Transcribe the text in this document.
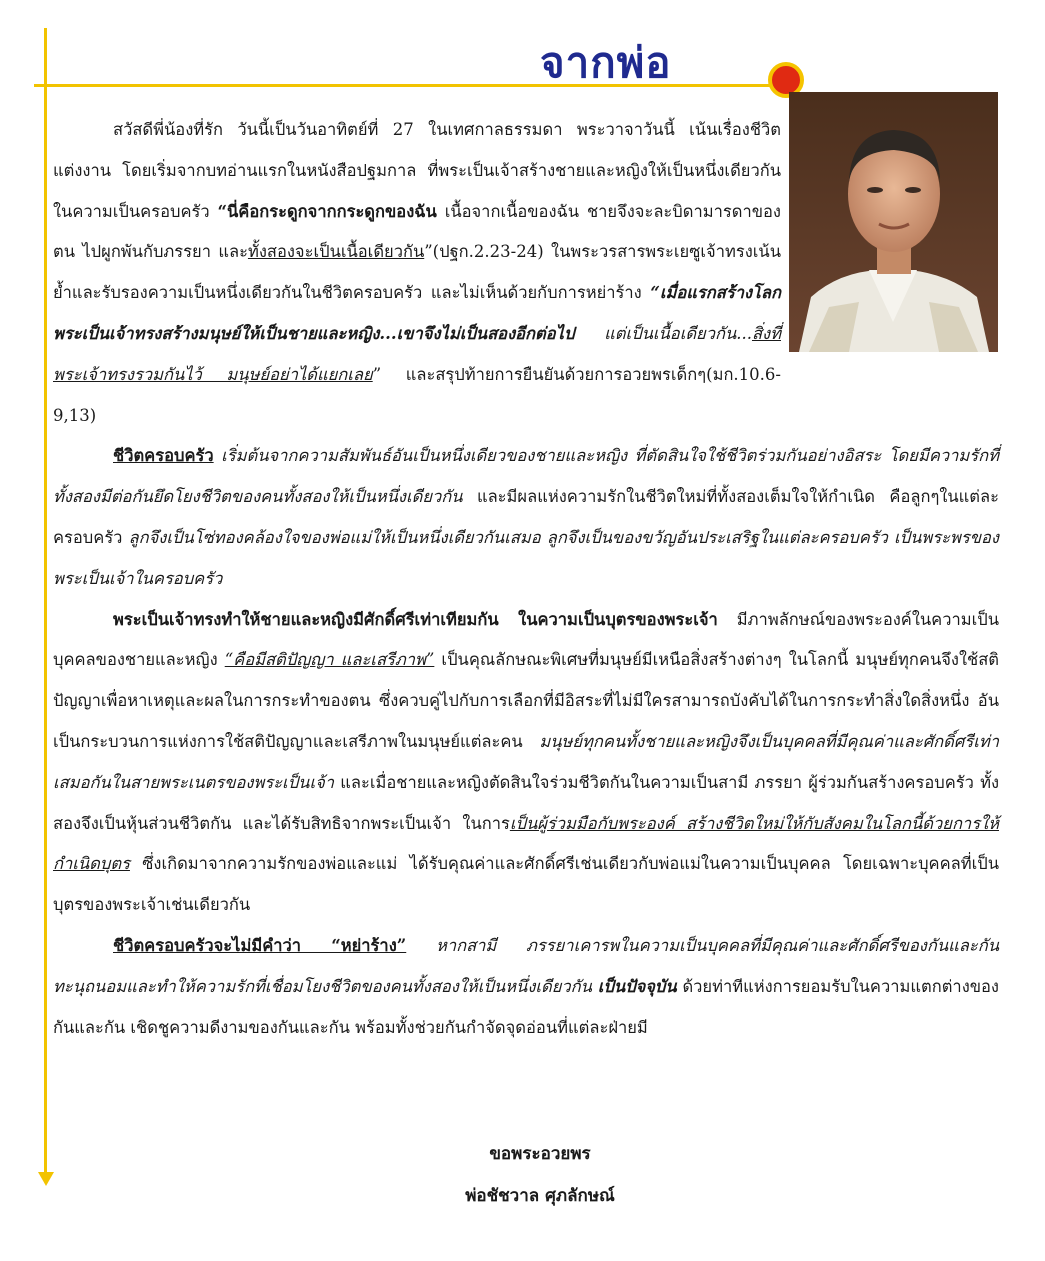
จากพ่อ

สวัสดีพี่น้องที่รัก วันนี้เป็นวันอาทิตย์ที่ 27 ในเทศกาลธรรมดา พระวาจาวันนี้ เน้นเรื่องชีวิตแต่งงาน โดยเริ่มจากบทอ่านแรกในหนังสือปฐมกาล ที่พระเป็นเจ้าสร้างชายและหญิงให้เป็นหนึ่งเดียวกันในความเป็นครอบครัว “นี่คือกระดูกจากกระดูกของฉัน เนื้อจากเนื้อของฉัน ชายจึงจะละบิดามารดาของตน ไปผูกพันกับภรรยา และทั้งสองจะเป็นเนื้อเดียวกัน”(ปฐก.2.23-24) ในพระวรสารพระเยซูเจ้าทรงเน้นย้ำและรับรองความเป็นหนึ่งเดียวกันในชีวิตครอบครัว และไม่เห็นด้วยกับการหย่าร้าง “เมื่อแรกสร้างโลก พระเป็นเจ้าทรงสร้างมนุษย์ให้เป็นชายและหญิง...เขาจึงไม่เป็นสองอีกต่อไป แต่เป็นเนื้อเดียวกัน...สิ่งที่พระเจ้าทรงรวมกันไว้ มนุษย์อย่าได้แยกเลย” และสรุปท้ายการยืนยันด้วยการอวยพรเด็กๆ(มก.10.6-9,13)

ชีวิตครอบครัว เริ่มต้นจากความสัมพันธ์อันเป็นหนึ่งเดียวของชายและหญิง ที่ตัดสินใจใช้ชีวิตร่วมกันอย่างอิสระ โดยมีความรักที่ทั้งสองมีต่อกันยึดโยงชีวิตของคนทั้งสองให้เป็นหนึ่งเดียวกัน และมีผลแห่งความรักในชีวิตใหม่ที่ทั้งสองเต็มใจให้กำเนิด คือลูกๆในแต่ละครอบครัว ลูกจึงเป็นโซ่ทองคล้องใจของพ่อแม่ให้เป็นหนึ่งเดียวกันเสมอ ลูกจึงเป็นของขวัญอันประเสริฐในแต่ละครอบครัว เป็นพระพรของพระเป็นเจ้าในครอบครัว

พระเป็นเจ้าทรงทำให้ชายและหญิงมีศักดิ์ศรีเท่าเทียมกัน ในความเป็นบุตรของพระเจ้า มีภาพลักษณ์ของพระองค์ในความเป็นบุคคลของชายและหญิง “คือมีสติปัญญา และเสรีภาพ” เป็นคุณลักษณะพิเศษที่มนุษย์มีเหนือสิ่งสร้างต่างๆ ในโลกนี้ มนุษย์ทุกคนจึงใช้สติปัญญาเพื่อหาเหตุและผลในการกระทำของตน ซึ่งควบคู่ไปกับการเลือกที่มีอิสระที่ไม่มีใครสามารถบังคับได้ในการกระทำสิ่งใดสิ่งหนึ่ง อันเป็นกระบวนการแห่งการใช้สติปัญญาและเสรีภาพในมนุษย์แต่ละคน มนุษย์ทุกคนทั้งชายและหญิงจึงเป็นบุคคลที่มีคุณค่าและศักดิ์ศรีเท่าเสมอกันในสายพระเนตรของพระเป็นเจ้า และเมื่อชายและหญิงตัดสินใจร่วมชีวิตกันในความเป็นสามี ภรรยา ผู้ร่วมกันสร้างครอบครัว ทั้งสองจึงเป็นหุ้นส่วนชีวิตกัน และได้รับสิทธิจากพระเป็นเจ้า ในการเป็นผู้ร่วมมือกับพระองค์ สร้างชีวิตใหม่ให้กับสังคมในโลกนี้ด้วยการให้กำเนิดบุตร ซึ่งเกิดมาจากความรักของพ่อและแม่ ได้รับคุณค่าและศักดิ์ศรีเช่นเดียวกับพ่อแม่ในความเป็นบุคคล โดยเฉพาะบุคคลที่เป็นบุตรของพระเจ้าเช่นเดียวกัน

ชีวิตครอบครัวจะไม่มีคำว่า “หย่าร้าง” หากสามี ภรรยาเคารพในความเป็นบุคคลที่มีคุณค่าและศักดิ์ศรีของกันและกัน ทะนุถนอมและทำให้ความรักที่เชื่อมโยงชีวิตของคนทั้งสองให้เป็นหนึ่งเดียวกัน เป็นปัจจุบัน ด้วยท่าทีแห่งการยอมรับในความแตกต่างของกันและกัน เชิดชูความดีงามของกันและกัน พร้อมทั้งช่วยกันกำจัดจุดอ่อนที่แต่ละฝ่ายมี

ขอพระอวยพร
พ่อชัชวาล ศุภลักษณ์
